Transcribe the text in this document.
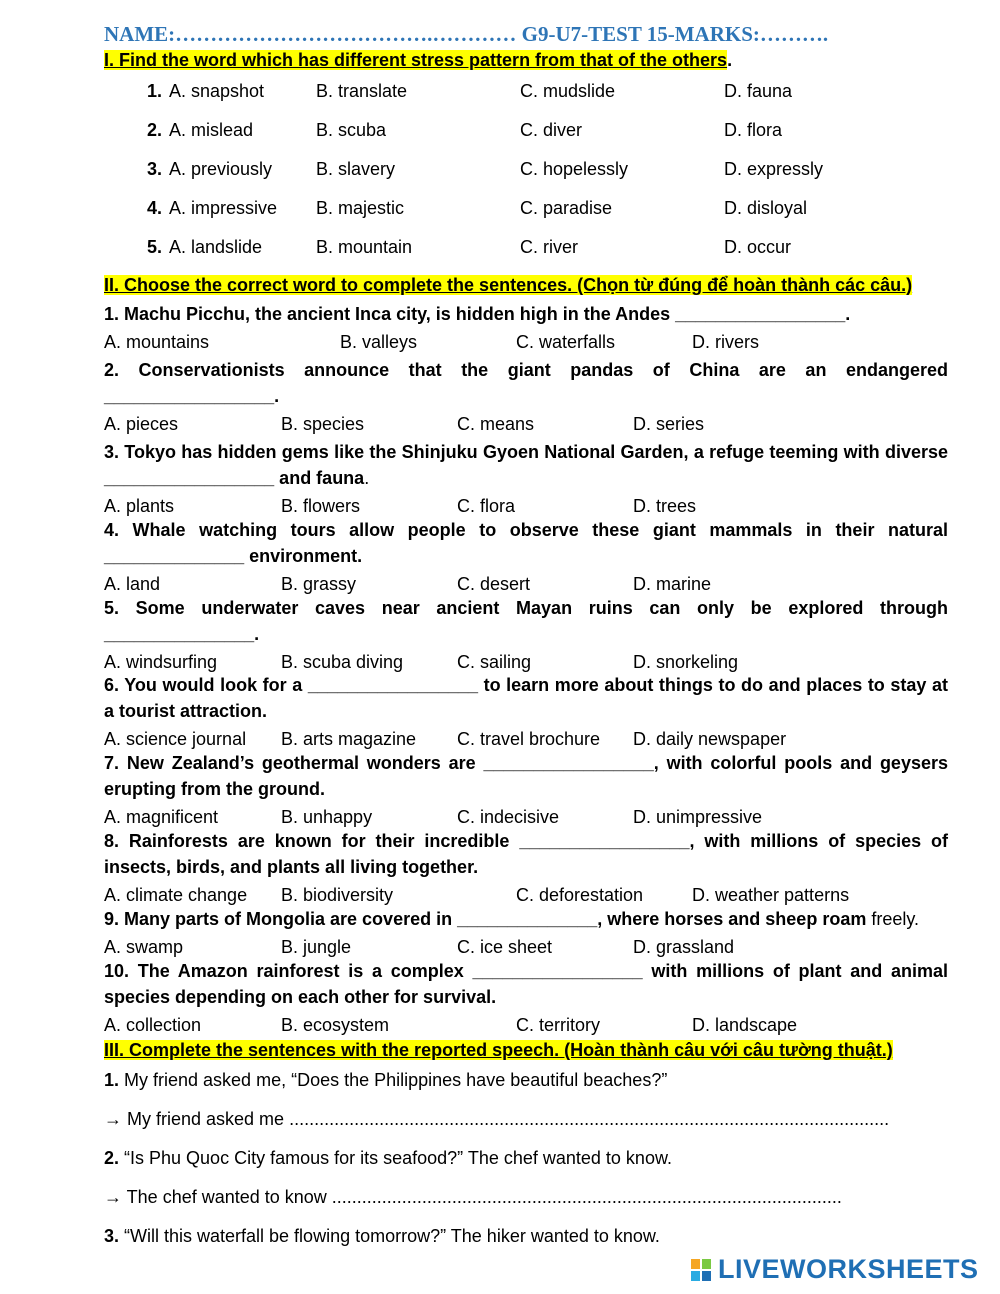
NAME:……………………………….………… G9-U7-TEST 15-MARKS:……….
I. Find the word which has different stress pattern from that of the others.
1. A. snapshot	B. translate	C. mudslide	D. fauna
2. A. mislead	B. scuba	C. diver	D. flora
3. A. previously B. slavery	C. hopelessly	D. expressly
4. A. impressive B. majestic	C. paradise	D. disloyal
5. A. landslide	B. mountain	C. river	D. occur
II. Choose the correct word to complete the sentences. (Chọn từ đúng để hoàn thành các câu.)
1. Machu Picchu, the ancient Inca city, is hidden high in the Andes _________________.
A. mountains	B. valleys	C. waterfalls	D. rivers
2. Conservationists announce that the giant pandas of China are an endangered _________________.
A. pieces	B. species	C. means	D. series
3. Tokyo has hidden gems like the Shinjuku Gyoen National Garden, a refuge teeming with diverse _________________ and fauna.
A. plants	B. flowers	C. flora	D. trees
4. Whale watching tours allow people to observe these giant mammals in their natural ______________ environment.
A. land	B. grassy	C. desert	D. marine
5. Some underwater caves near ancient Mayan ruins can only be explored through _______________.
A. windsurfing	B. scuba diving	C. sailing	D. snorkeling
6. You would look for a _________________ to learn more about things to do and places to stay at a tourist attraction.
A. science journal B. arts magazine C. travel brochure D. daily newspaper
7. New Zealand’s geothermal wonders are _________________, with colorful pools and geysers erupting from the ground.
A. magnificent	B. unhappy	C. indecisive	D. unimpressive
8. Rainforests are known for their incredible _________________, with millions of species of insects, birds, and plants all living together.
A. climate change B. biodiversity	C. deforestation	D. weather patterns
9. Many parts of Mongolia are covered in ______________, where horses and sheep roam freely.
A. swamp	B. jungle	C. ice sheet	D. grassland
10. The Amazon rainforest is a complex _________________ with millions of plant and animal species depending on each other for survival.
A. collection	B. ecosystem	C. territory	D. landscape
III. Complete the sentences with the reported speech. (Hoàn thành câu với câu tường thuật.)
1. My friend asked me, “Does the Philippines have beautiful beaches?”
→ My friend asked me ........................................................................................................................
2. “Is Phu Quoc City famous for its seafood?” The chef wanted to know.
→ The chef wanted to know ......................................................................................................
3. “Will this waterfall be flowing tomorrow?” The hiker wanted to know.
LIVEWORKSHEETS
